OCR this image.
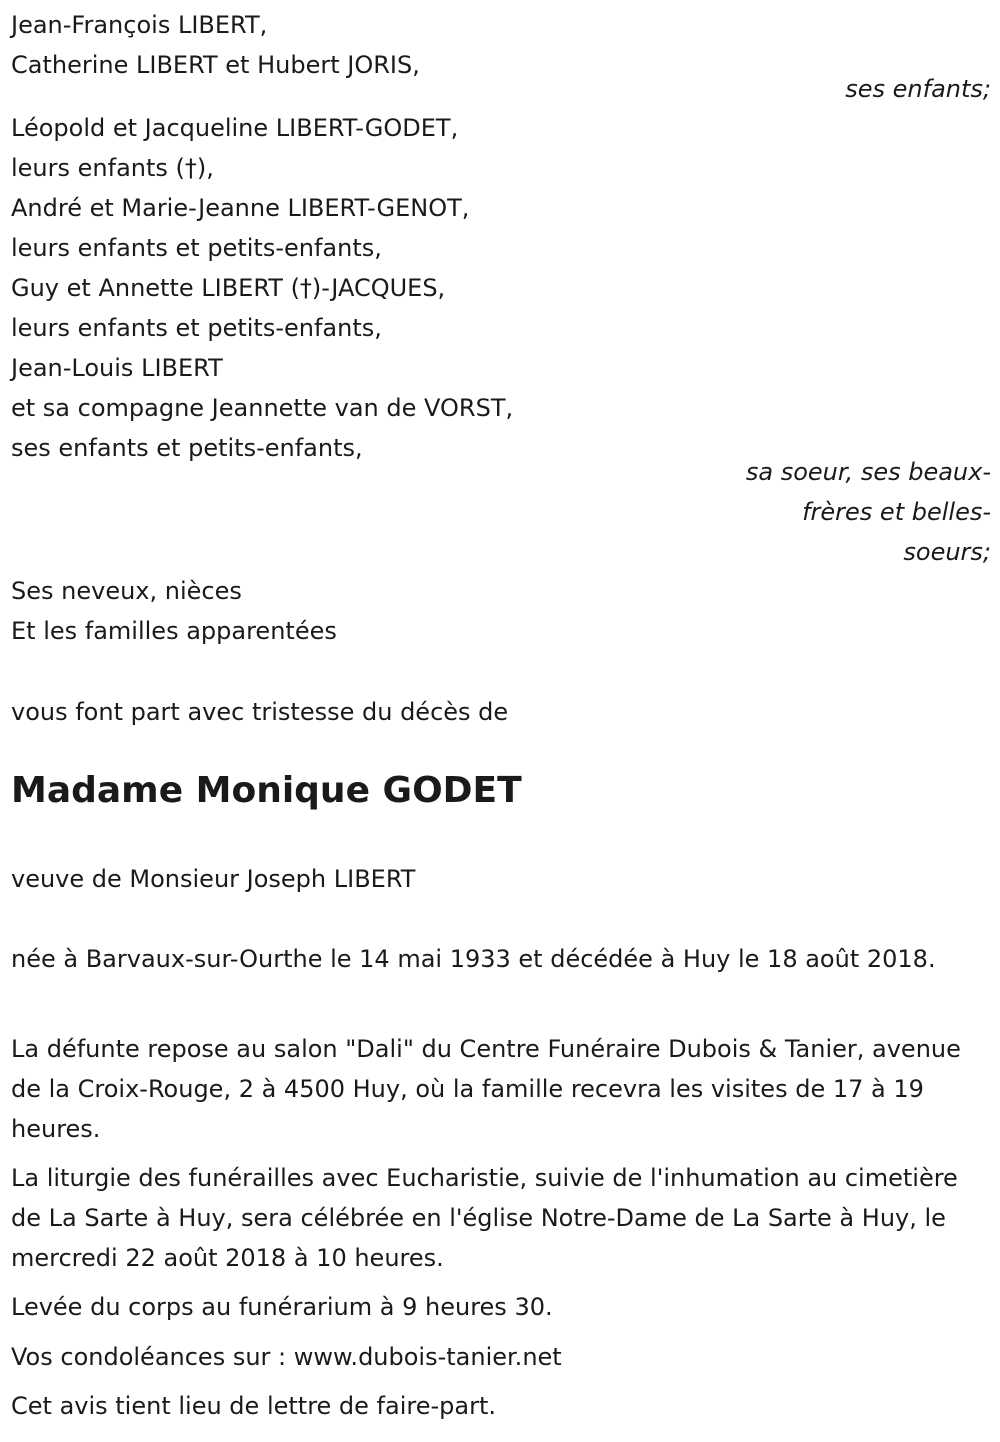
Jean-François LIBERT,
Catherine LIBERT et Hubert JORIS,
ses enfants;
Léopold et Jacqueline LIBERT-GODET,
leurs enfants (†),
André et Marie-Jeanne LIBERT-GENOT,
leurs enfants et petits-enfants,
Guy et Annette LIBERT (†)-JACQUES,
leurs enfants et petits-enfants,
Jean-Louis LIBERT
et sa compagne Jeannette van de VORST,
ses enfants et petits-enfants,
sa soeur, ses beaux-
frères et belles-
soeurs;
Ses neveux, nièces
Et les familles apparentées
vous font part avec tristesse du décès de
Madame Monique GODET
veuve de Monsieur Joseph LIBERT

née à Barvaux-sur-Ourthe le 14 mai 1933 et décédée à Huy le 18 août 2018.

La défunte repose au salon "Dali" du Centre Funéraire Dubois & Tanier, avenue de la Croix-Rouge, 2 à 4500 Huy, où la famille recevra les visites de 17 à 19 heures.

La liturgie des funérailles avec Eucharistie, suivie de l'inhumation au cimetière de La Sarte à Huy, sera célébrée en l'église Notre-Dame de La Sarte à Huy, le mercredi 22 août 2018 à 10 heures.

Levée du corps au funérarium à 9 heures 30.

Vos condoléances sur : www.dubois-tanier.net

Cet avis tient lieu de lettre de faire-part.
